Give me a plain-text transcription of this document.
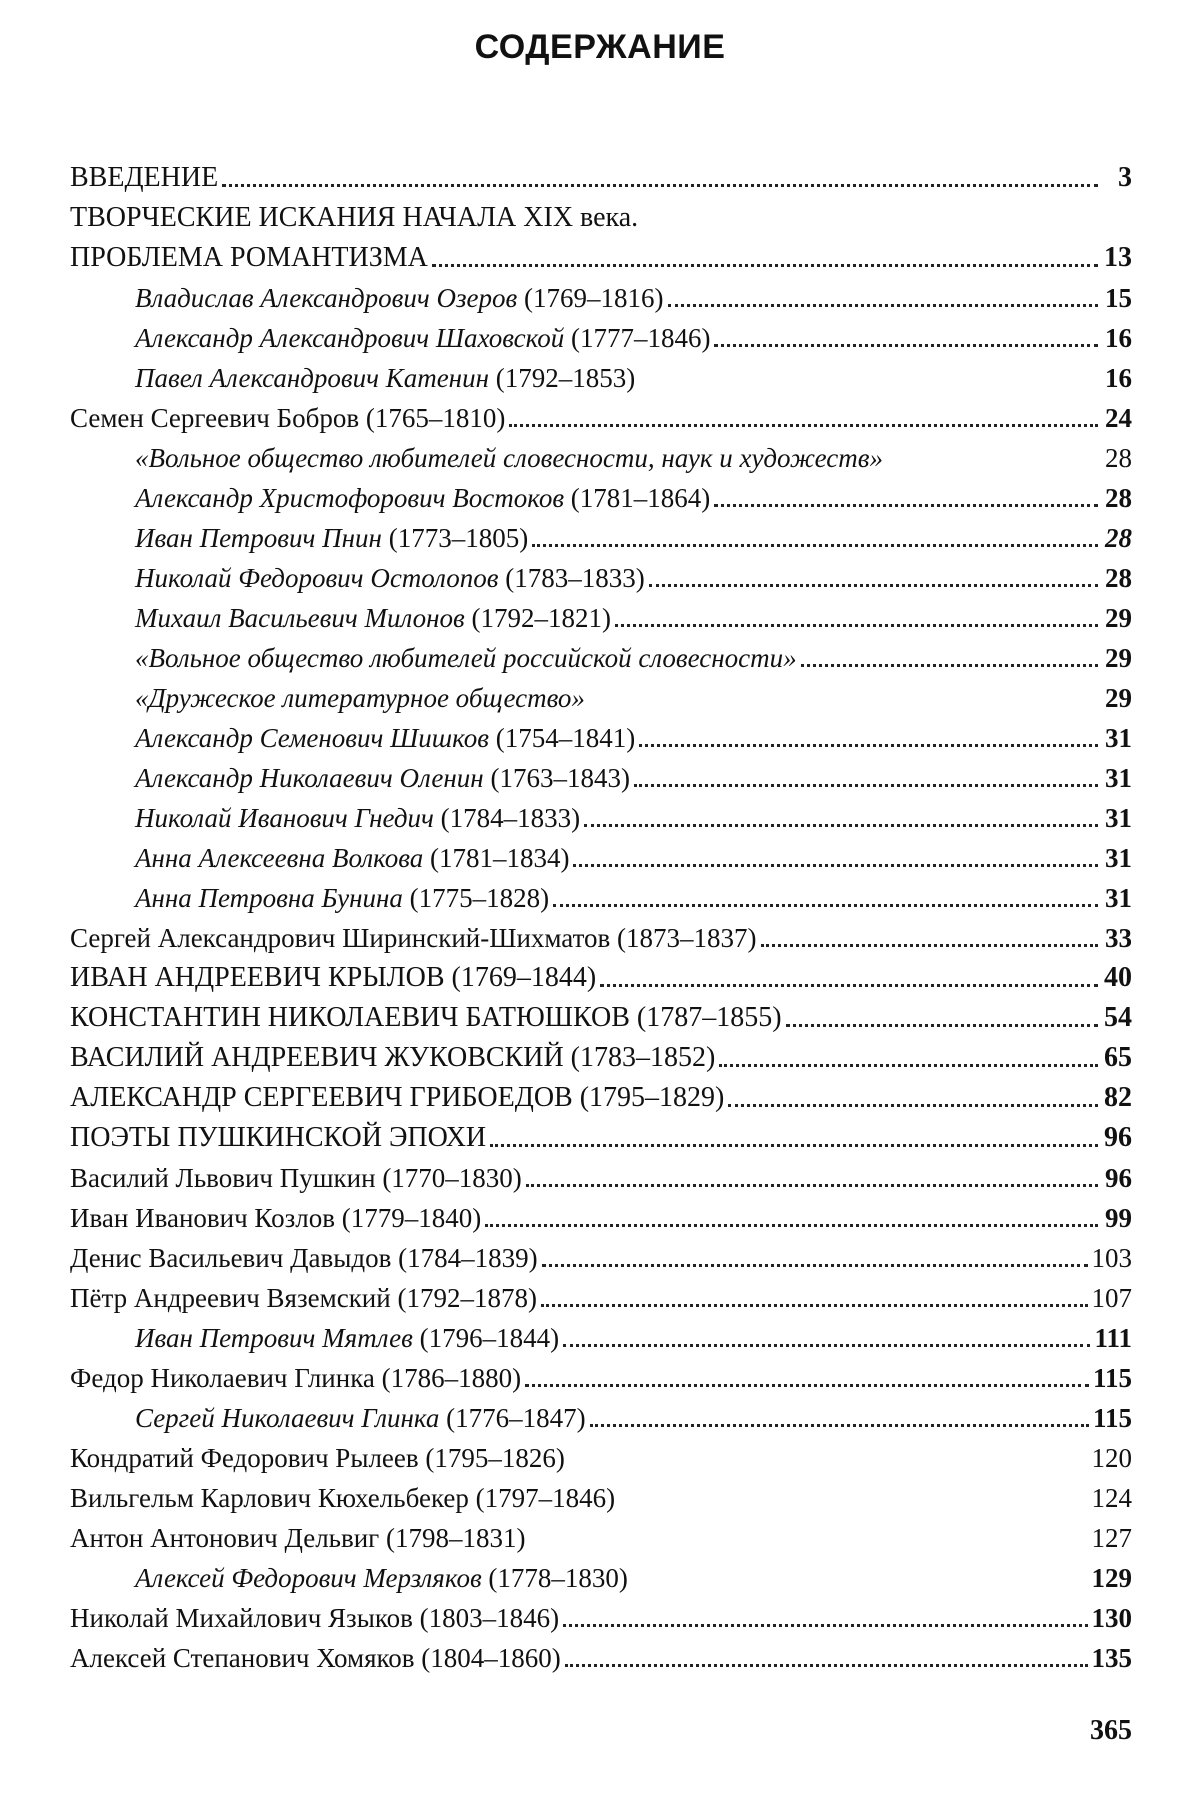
СОДЕРЖАНИЕ
ВВЕДЕНИЕ	3
ТВОРЧЕСКИЕ ИСКАНИЯ НАЧАЛА XIX века.
ПРОБЛЕМА РОМАНТИЗМА	13
Владислав Александрович Озеров (1769–1816)	15
Александр Александрович Шаховской (1777–1846)	16
Павел Александрович Катенин (1792–1853)	16
Семен Сергеевич Бобров (1765–1810)	24
«Вольное общество любителей словесности, наук и художеств»	28
Александр Христофорович Востоков (1781–1864)	28
Иван Петрович Пнин (1773–1805)	28
Николай Федорович Остолопов (1783–1833)	28
Михаил Васильевич Милонов (1792–1821)	29
«Вольное общество любителей российской словесности»	29
«Дружеское литературное общество»	29
Александр Семенович Шишков (1754–1841)	31
Александр Николаевич Оленин (1763–1843)	31
Николай Иванович Гнедич (1784–1833)	31
Анна Алексеевна Волкова (1781–1834)	31
Анна Петровна Бунина (1775–1828)	31
Сергей Александрович Ширинский-Шихматов (1873–1837)	33
ИВАН АНДРЕЕВИЧ КРЫЛОВ (1769–1844)	40
КОНСТАНТИН НИКОЛАЕВИЧ БАТЮШКОВ (1787–1855)	54
ВАСИЛИЙ АНДРЕЕВИЧ ЖУКОВСКИЙ (1783–1852)	65
АЛЕКСАНДР СЕРГЕЕВИЧ ГРИБОЕДОВ (1795–1829)	82
ПОЭТЫ ПУШКИНСКОЙ ЭПОХИ	96
Василий Львович Пушкин (1770–1830)	96
Иван Иванович Козлов (1779–1840)	99
Денис Васильевич Давыдов (1784–1839)	103
Пётр Андреевич Вяземский (1792–1878)	107
Иван Петрович Мятлев (1796–1844)	111
Федор Николаевич Глинка (1786–1880)	115
Сергей Николаевич Глинка (1776–1847)	115
Кондратий Федорович Рылеев (1795–1826)	120
Вильгельм Карлович Кюхельбекер (1797–1846)	124
Антон Антонович Дельвиг (1798–1831)	127
Алексей Федорович Мерзляков (1778–1830)	129
Николай Михайлович Языков (1803–1846)	130
Алексей Степанович Хомяков (1804–1860)	135
365
